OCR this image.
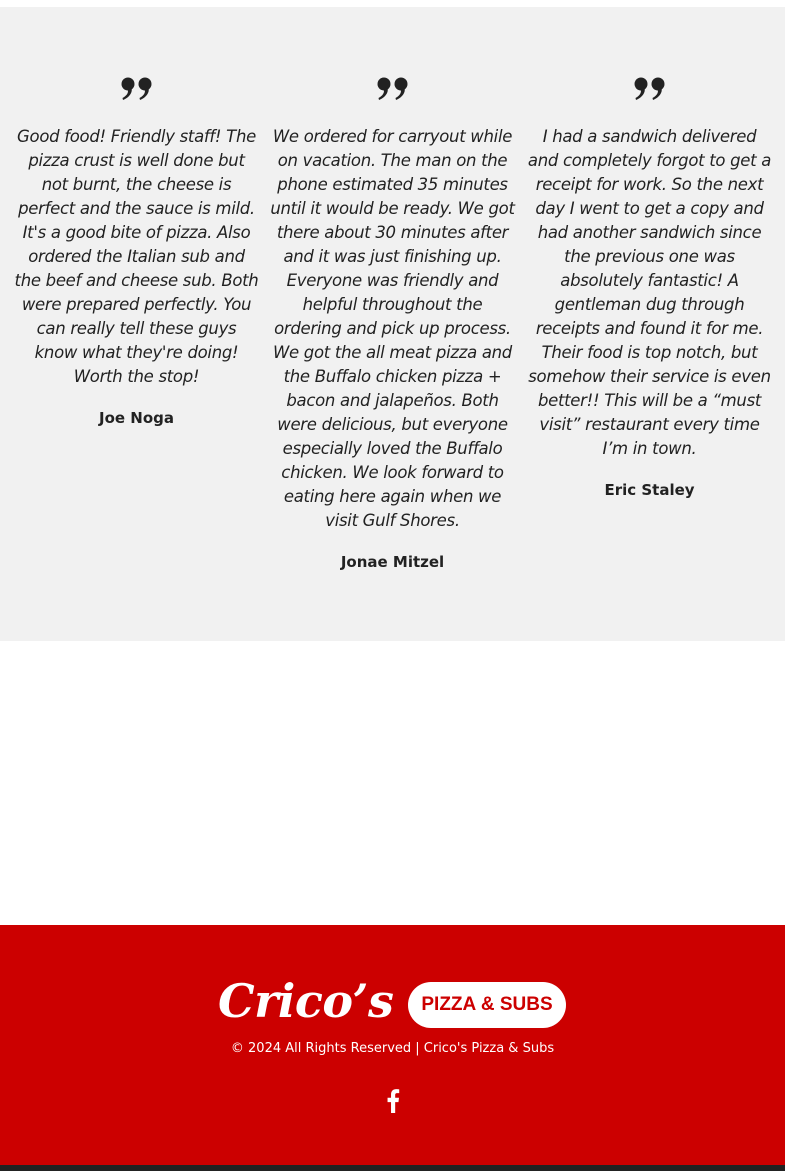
Good food! Friendly staff! The pizza crust is well done but not burnt, the cheese is perfect and the sauce is mild. It's a good bite of pizza. Also ordered the Italian sub and the beef and cheese sub. Both were prepared perfectly. You can really tell these guys know what they're doing! Worth the stop!

Joe Noga

We ordered for carryout while on vacation. The man on the phone estimated 35 minutes until it would be ready. We got there about 30 minutes after and it was just finishing up. Everyone was friendly and helpful throughout the ordering and pick up process. We got the all meat pizza and the Buffalo chicken pizza + bacon and jalapeños. Both were delicious, but everyone especially loved the Buffalo chicken. We look forward to eating here again when we visit Gulf Shores.

Jonae Mitzel

I had a sandwich delivered and completely forgot to get a receipt for work. So the next day I went to get a copy and had another sandwich since the previous one was absolutely fantastic! A gentleman dug through receipts and found it for me. Their food is top notch, but somehow their service is even better!! This will be a “must visit” restaurant every time I’m in town.

Eric Staley
Crico’s	PIZZA & SUBS
© 2024 All Rights Reserved | Crico's Pizza & Subs
